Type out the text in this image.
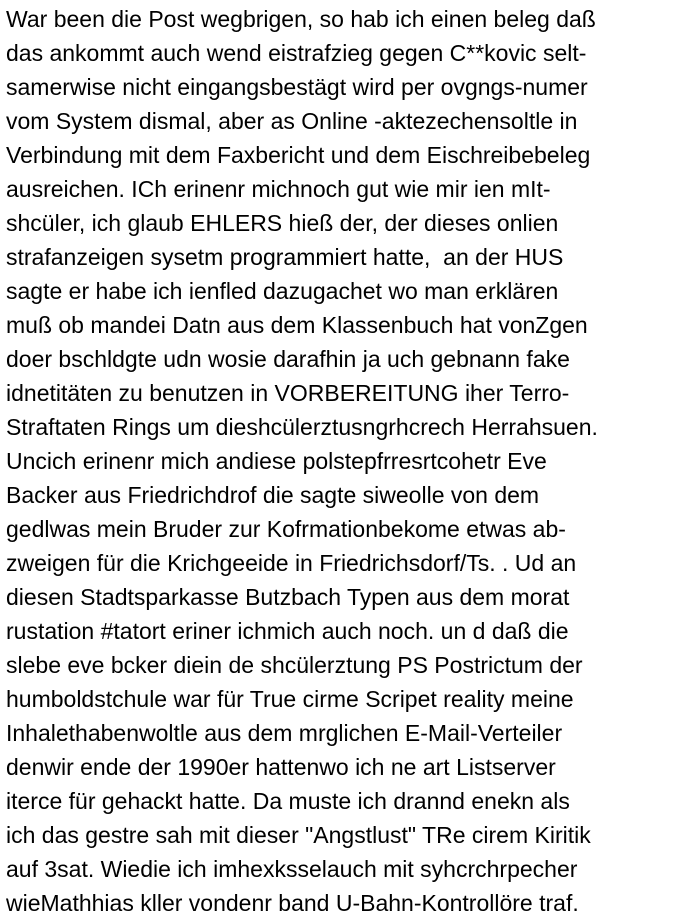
War been die Post wegbrigen, so hab ich einen beleg daß
das ankommt auch wend eistrafzieg gegen C**kovic selt-
samerwise nicht eingangsbestägt wird per ovgngs-numer
vom System dismal, aber as Online -aktezechensoltle in
Verbindung mit dem Faxbericht und dem Eischreibebeleg
ausreichen. ICh erinenr michnoch gut wie mir ien mIt-
shcüler, ich glaub EHLERS hieß der, der dieses onlien
strafanzeigen sysetm programmiert hatte,  an der HUS
sagte er habe ich ienfled dazugachet wo man erklären
muß ob mandei Datn aus dem Klassenbuch hat vonZgen
doer bschldgte udn wosie darafhin ja uch gebnann fake
idnetitäten zu benutzen in VORBEREITUNG iher Terro-
Straftaten Rings um dieshcülerztusngrhcrech Herrahsuen.
Uncich erinenr mich andiese polstepfrresrtcohetr Eve
Backer aus Friedrichdrof die sagte siweolle von dem
gedlwas mein Bruder zur Kofrmationbekome etwas ab-
zweigen für die Krichgeeide in Friedrichsdorf/Ts. . Ud an
diesen Stadtsparkasse Butzbach Typen aus dem morat
rustation #tatort eriner ichmich auch noch. un d daß die
slebe eve bcker diein de shcülerztung PS Postrictum der
humboldstchule war für True cirme Scripet reality meine
Inhalethabenwoltle aus dem mrglichen E-Mail-Verteiler
denwir ende der 1990er hattenwo ich ne art Listserver
iterce für gehackt hatte. Da muste ich drannd enekn als
ich das gestre sah mit dieser "Angstlust" TRe cirem Kiritik
auf 3sat. Wiedie ich imhexksselauch mit syhcrchrpecher
wieMathhias kller vondenr band U-Bahn-Kontrollöre traf.
